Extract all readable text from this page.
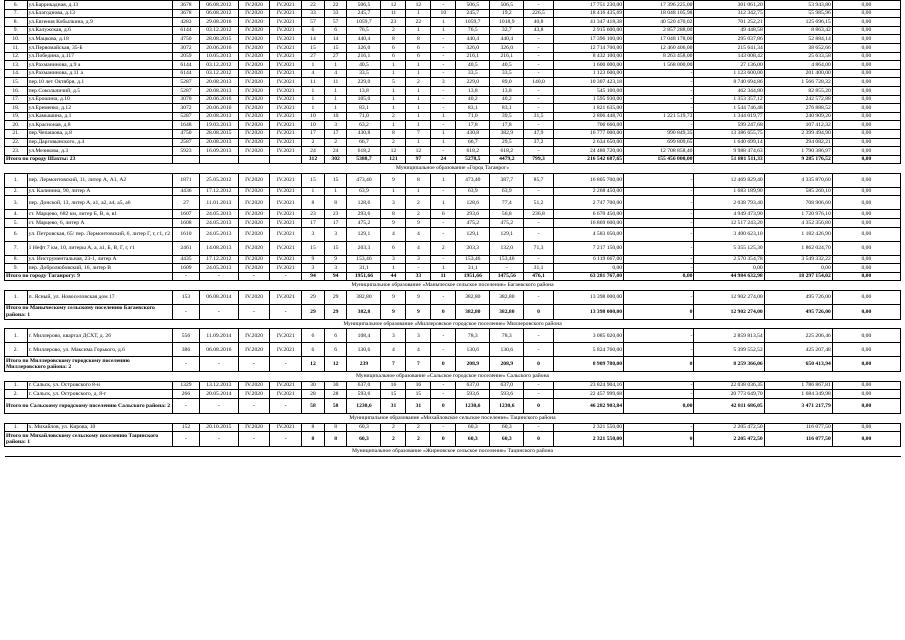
6.	ул.Баррикадная, д.13	3678	06.08.2012	IV.2020	IV.2021	22	22	506,5	12	12	-	506,5	506,5	-	17 751 230,00	17 396 225,00	301 061,20	53 943,80	0,00
7.	ул.Благоднова, д.13	3678	06.08.2012	IV.2020	IV.2021	33	33	245,7	11	1	10	245,7	19,2	226,5	18 416 435,69	18 048 105,98	312 342,75	55 985,96	0,00
8.	ул.Евгения Кобылкина, д.9	4283	29.08.2016	IV.2020	IV.2021	57	57	1059,7	23	22	1	1059,7	1018,9	40,8	41 347 418,38	40 520 470,02	701 252,21	125 696,15	0,00
9.	ул.Калужская, д.6	6144	03.12.2012	IV.2020	IV.2021	6	6	76,5	2	1	1	76,5	32,7	43,8	2 915 600,00	2 857 288,00	49 448,58	8 863,42	0,00
10.	ул.Мацкова, д.18	4750	28.08.2015	IV.2020	IV.2021	14	14	440,4	8	8	-	440,4	440,4	-	17 396 100,00	17 048 178,00	295 037,86	52 884,14	0,00
11.	ул.Первомайская, 35-Б	3072	20.06.2016	IV.2020	IV.2021	15	15	326,0	6	6	-	326,0	326,0	-	12 714 700,00	12 460 406,00	215 641,34	38 652,66	0,00
12.	ул.Победина, д.117	2059	10.05.2013	IV.2020	IV.2021	27	27	216,1	6	6	-	216,1	216,1	-	8 432 100,00	8 263 458,00	143 008,42	25 633,58	0,00
13.	ул.Рахманинова, д.9 а	6144	03.12.2012	IV.2020	IV.2021	1	1	40,5	1	1	-	40,5	40,5	-	1 600 000,00	1 568 000,00	27 136,00	4 864,00	0,00
14.	ул.Рахманинова, д.11 а	6144	03.12.2012	IV.2020	IV.2021	4	4	33,5	1	1	-	33,5	33,5	-	1 123 600,00	-	1 123 600,00	201 400,00	0,00
15.	пер.10 лет Октября, д.1	5287	20.08.2013	IV.2020	IV.2021	11	11	229,0	5	2	3	229,0	89,0	140,0	10 307 423,18	-	8 740 694,86	1 566 728,32	0,00
16.	пер.Сокольничий, д.5	5287	20.08.2013	IV.2020	IV.2021	1	1	13,8	1	1	-	13,8	13,8	-	545 100,00	-	462 344,80	82 855,20	0,00
17.	ул.Ерошина, д.10	3070	20.06.2016	IV.2020	IV.2021	1	1	105,0	1	1	-	40,2	40,2	-	1 595 930,00	-	1 353 357,12	242 572,88	0,00
18.	ул.Еременко, д.12	3072	20.06.2016	IV.2020	IV.2021	1	1	83,1	1	1	-	83,1	83,1	-	1 821 635,00	-	1 544 746,48	276 888,52	0,00
19.	ул.Камышина, д.1	5287	20.08.2013	IV.2020	IV.2021	10	10	71,0	2	1	1	71,0	39,5	31,5	2 806 448,70	1 221 519,73	1 344 019,77	240 909,20	0,00
20.	ул.Красноная, д.8	1648	19.03.2013	IV.2020	IV.2021	10	3	63,2	1	1	-	17,8	17,8	-	706 660,00	-	599 247,68	107 412,32	0,00
21.	пер.Чепашова, д.8	4750	28.08.2015	IV.2020	IV.2021	17	17	430,8	8	7	1	430,8	382,9	47,9	16 777 000,00	990 849,35	13 386 655,75	2 399 494,90	0,00
22.	пер.Дарговынского, д.4	2587	20.08.2013	IV.2020	IV.2021	2	2	66,7	2	1	1	66,7	29,5	37,2	2 634 650,00	699 809,65	1 640 699,14	294 082,21	0,00
23.	ул.Мезикова, д.3	5923	16.09.2013	IV.2020	IV.2021	24	24	618,2	12	12	-	618,2	618,2	-	24 480 720,00	12 708 858,40	9 988 474,63	1 790 386,97	0,00
Итого по городу Шахты: 23						312	302	5388,7	121	97	24	5278,5	4479,2	799,3	216 542 687,65	155 456 000,00	51 801 511,33	9 285 176,52	0,00
Муниципальное образование «Город Таганрог»																			
1.	пер. Лермонтовский, 11, литер А, А1, А2	1871	25.05.2012	IV.2020	IV.2021	15	15	473,40	9	8	1	473,40	387,7	85,7	16 805 700,00	-	12 469 829,40	4 335 870,60	0,00
2.	ул. Калинина, 90, литер А	4436	17.12.2012	IV.2020	IV.2021	1	1	63,9	1	1	-	63,9	63,9	-	2 268 450,00	-	1 683 189,90	585 260,10	0,00
3.	пер. Донской, 13, литер А, а1, а2, а4, а5, а6	27	11.01.2013	IV.2020	IV.2021	8	8	128,6	3	2	1	128,6	77,4	51,2	2 747 700,00	-	2 038 793,40	708 906,60	0,00
4.	ст. Марцево, 682 км, литер Б, В, в, в1	1607	24.05.2013	IV.2020	IV.2021	23	23	293,6	8	2	6	293,6	56,8	236,8	6 670 450,00	-	4 949 473,90	1 720 976,10	0,00
5.	ст. Марцево, 6, литер А	1608	24.05.2013	IV.2020	IV.2021	17	17	475,2	9	9	-	475,2	475,2	-	16 869 600,00	-	12 517 243,20	4 352 356,80	0,00
6.	ул. Петровская, 65/ пер. Лермонтовский, 6, литер Г, г, г1, г2	1610	24.05.2013	IV.2020	IV.2021	3	3	129,1	4	4	-	129,1	129,1	-	4 583 050,00	-	3 400 623,10	1 182 426,90	0,00
7.	1 Нефт 7 км, 10, литеры А, а, а1, Б, В, Г, г, г1	2461	14.08.2013	IV.2020	IV.2021	15	15	203,3	6	4	2	203,3	132,0	71,3	7 217 150,00	-	5 355 125,30	1 862 024,70	0,00
8.	ул. Инструментальная, 23-1, литер А	4435	17.12.2012	IV.2020	IV.2021	9	9	153,46	3	3	-	153,46	153,46	-	6 119 667,00	-	2 570 354,78	3 549 332,22	0,00
9.	пер. Добролюбовский, 16, литер В	1609	24.05.2013	IV.2020	IV.2021	3	3	31,1	1	-	1	31,1	-	31,1	0,00	-	0,00	0,00	0,00
Итого по городу Таганрогу: 9		-	-	-	-	94	94	1951,66	44	33	11	1951,66	1475,56	476,1	63 281 767,00	0,00	44 984 632,98	18 297 154,02	0,00
Муниципальное образование «Маныческое сельское поселение» Багаевского района																			
1.	п. Ясный, ул. Новоселовская дом 17	153	06.08.2014	IV.2020	IV.2021	29	29	382,80	9	9	-	382,80	382,80	-	13 398 000,00	-	12 902 274,00	495 726,00	0,00
Итого по Маныческому сельскому поселению Багаевского района: 1		-	-	-	-	29	29	382,8	9	9	0	382,80	382,80	0	13 398 000,00	0	12 902 274,00	495 726,00	0,00
Муниципальное образование «Миллеровское городское поселение» Миллеровского района																			
1.	г. Миллерово, квартал ДСХТ, д. 26	556	11.09.2014	IV.2020	IV.2021	6	6	108,4	3	3	-	78,3	78,3	-	3 085 020,00	-	2 859 813,54	225 206,46	0,00
2.	г. Миллерово, ул. Максима Горького, д.6	386	06.08.2016	IV.2020	IV.2021	6	6	130,6	4	4	-	130,6	130,6	-	5 824 760,00	-	5 399 552,52	425 207,48	0,00
Итого по Миллеровскому городскому поселению Миллеровского района: 2		-	-	-	-	12	12	239	7	7	0	208,9	208,9	0	8 909 780,00	0	8 259 366,06	650 413,94	0,00
Муниципальное образование «Сальское городское поселение» Сальского района																			
1.	г. Сальск, ул. Островского 8-и	1329	13.12.2013	IV.2020	IV.2021	30	30	637,0	16	16	-	637,0	637,0	-	23 824 904,16	-	22 038 036,35	1 786 867,81	0,00
2.	г. Сальск, ул. Островского, д. 8-г	266	20.05.2014	IV.2020	IV.2021	28	28	593,6	15	15	-	593,6	593,6	-	22 457 999,68	-	20 773 649,70	1 684 349,98	0,00
Итого по Сальскому городскому поселению Сальского района: 2		-	-	-	-	58	58	1230,6	31	31	0	1230,6	1230,6	0	46 282 903,84	0,00	42 811 686,05	3 471 217,79	0,00
Муниципальное образование «Михайловское сельское поселение» Тацинского района																			
1.	х. Михайлов, ул. Кирова, 10	152	20.10.2015	IV.2020	IV.2021	8	8	60,3	2	2	-	60,3	60,3	-	2 321 550,00	-	2 205 472,50	116 077,50	0,00
Итого по Михайловскому сельскому поселению Тацинского района: 1		-	-	-	-	8	8	60,3	2	2	0	60,3	60,3	0	2 321 550,00	0	2 205 472,50	116 077,50	0,00
Муниципальное образование «Жирновское сельское поселение» Тацинского района																			
